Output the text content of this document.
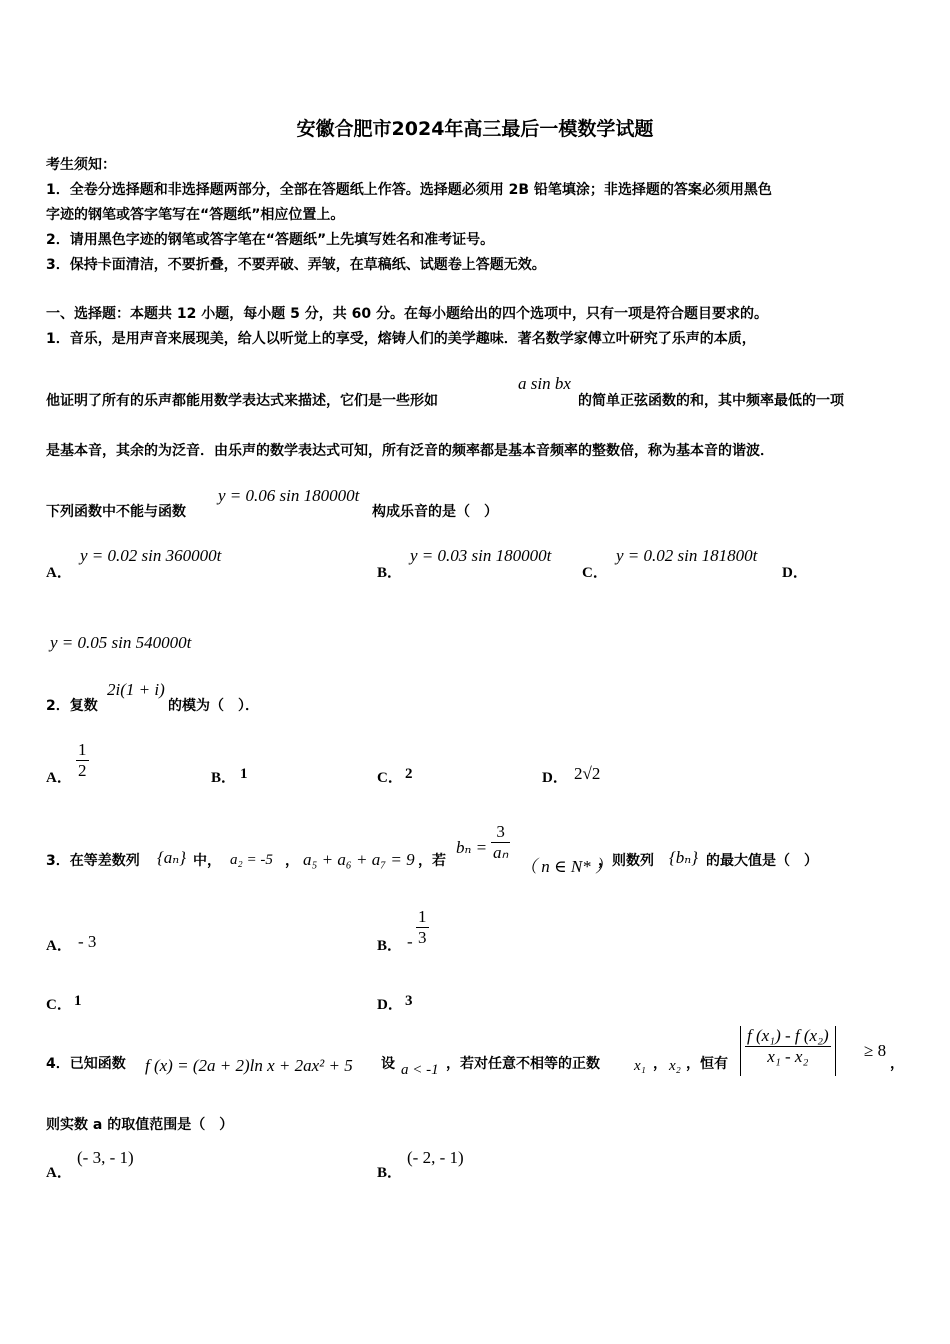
安徽合肥市2024年高三最后一模数学试题
考生须知：
1．全卷分选择题和非选择题两部分，全部在答题纸上作答。选择题必须用 2B 铅笔填涂；非选择题的答案必须用黑色
字迹的钢笔或答字笔写在“答题纸”相应位置上。
2．请用黑色字迹的钢笔或答字笔在“答题纸”上先填写姓名和准考证号。
3．保持卡面清洁，不要折叠，不要弄破、弄皱，在草稿纸、试题卷上答题无效。
一、选择题：本题共 12 小题，每小题 5 分，共 60 分。在每小题给出的四个选项中，只有一项是符合题目要求的。
1．音乐，是用声音来展现美，给人以听觉上的享受，熔铸人们的美学趣味．著名数学家傅立叶研究了乐声的本质，
他证明了所有的乐声都能用数学表达式来描述，它们是一些形如
a sin bx
的简单正弦函数的和，其中频率最低的一项
是基本音，其余的为泛音．由乐声的数学表达式可知，所有泛音的频率都是基本音频率的整数倍，称为基本音的谐波．
下列函数中不能与函数
y = 0.06 sin 180000t
构成乐音的是（　）
A．
y = 0.02 sin 360000t
B．
y = 0.03 sin 180000t
C．
y = 0.02 sin 181800t
D．
y = 0.05 sin 540000t
2．复数
2i(1 + i)
的模为（　）．
A． $\frac{1}{2}$	B． 1	C． 2	D． 2√2
3．在等差数列 {aₙ} 中， a₂ = -5 ， a₅ + a₆ + a₇ = 9 ，若
$b_n = \frac{3}{\text{aₙ}}$
（ n ∈ N* ）
，则数列 {bₙ} 的最大值是（　）
A． - 3	B． - $\frac{1}{3}$
C． 1	D． 3
4．已知函数 f (x) = (2a + 2)ln x + 2ax² + 5 设 a < -1 ，若对任意不相等的正数 x₁ ， x₂ ，恒有 $\frac{\text{f (x₁) - f (x₂)}}{\text{x₁ - x₂}} \ge 8$
，
则实数 a 的取值范围是（　）
A．
(- 3, - 1)
B．
(- 2, - 1)
